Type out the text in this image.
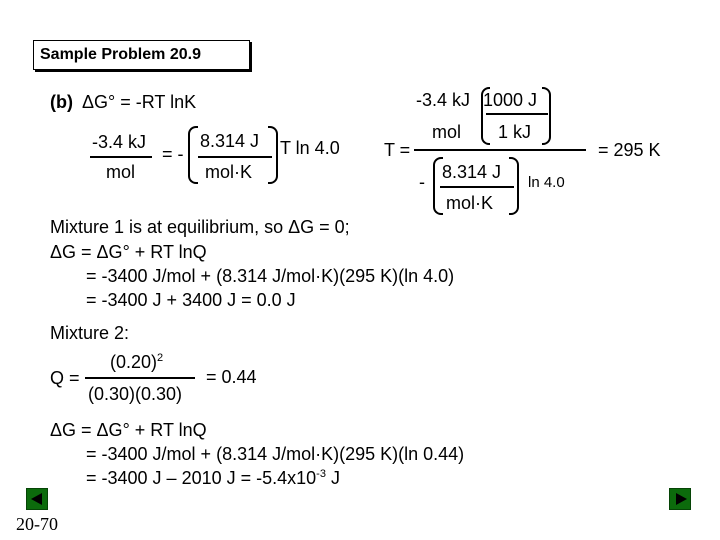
Sample Problem 20.9
(b) ΔG° = -RT lnK
-3.4 kJ
mol
= -
8.314 J
mol·K
T ln 4.0 T =
-3.4 kJ 1000 J
mol 1 kJ
- 8.314 J
mol·K
ln 4.0
= 295 K
Mixture 1 is at equilibrium, so ΔG = 0;
ΔG = ΔG° + RT lnQ
= -3400 J/mol + (8.314 J/mol·K)(295 K)(ln 4.0)
= -3400 J + 3400 J = 0.0 J
Mixture 2:
$(0.20)^2$
Q =
(0.30)(0.30)
= 0.44
ΔG = ΔG° + RT lnQ
= -3400 J/mol + (8.314 J/mol·K)(295 K)(ln 0.44)
= -3400 J – 2010 $J = -5.4x10^{-3}$ J
20-70
